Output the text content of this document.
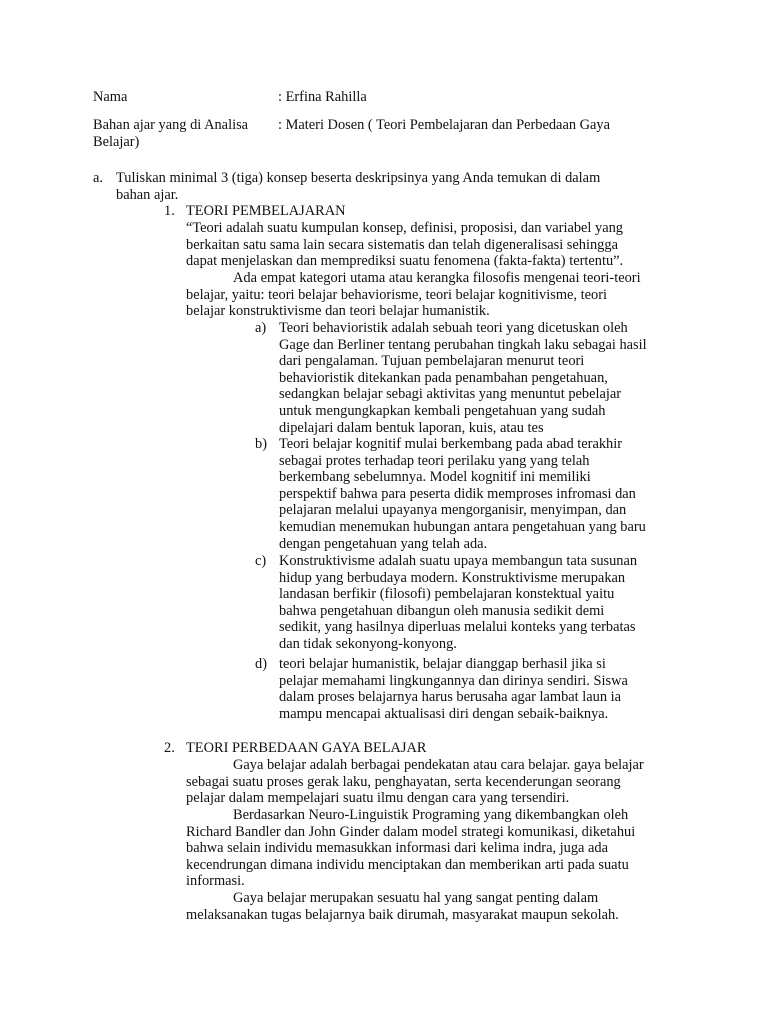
Nama	: Erfina Rahilla
Bahan ajar yang di Analisa
Belajar)
: Materi Dosen ( Teori Pembelajaran dan Perbedaan Gaya
a. Tuliskan minimal 3 (tiga) konsep beserta deskripsinya yang Anda temukan di dalam
bahan ajar.
1. TEORI PEMBELAJARAN
“Teori adalah suatu kumpulan konsep, definisi, proposisi, dan variabel yang
berkaitan satu sama lain secara sistematis dan telah digeneralisasi sehingga
dapat menjelaskan dan memprediksi suatu fenomena (fakta-fakta) tertentu”.
Ada empat kategori utama atau kerangka filosofis mengenai teori-teori
belajar, yaitu: teori belajar behaviorisme, teori belajar kognitivisme, teori
belajar konstruktivisme dan teori belajar humanistik.
a) Teori behavioristik adalah sebuah teori yang dicetuskan oleh
Gage dan Berliner tentang perubahan tingkah laku sebagai hasil
dari pengalaman. Tujuan pembelajaran menurut teori
behavioristik ditekankan pada penambahan pengetahuan,
sedangkan belajar sebagi aktivitas yang menuntut pebelajar
untuk mengungkapkan kembali pengetahuan yang sudah
dipelajari dalam bentuk laporan, kuis, atau tes
b) Teori belajar kognitif mulai berkembang pada abad terakhir
sebagai protes terhadap teori perilaku yang yang telah
berkembang sebelumnya. Model kognitif ini memiliki
perspektif bahwa para peserta didik memproses infromasi dan
pelajaran melalui upayanya mengorganisir, menyimpan, dan
kemudian menemukan hubungan antara pengetahuan yang baru
dengan pengetahuan yang telah ada.
c) Konstruktivisme adalah suatu upaya membangun tata susunan
hidup yang berbudaya modern. Konstruktivisme merupakan
landasan berfikir (filosofi) pembelajaran konstektual yaitu
bahwa pengetahuan dibangun oleh manusia sedikit demi
sedikit, yang hasilnya diperluas melalui konteks yang terbatas
dan tidak sekonyong-konyong.
d) teori belajar humanistik, belajar dianggap berhasil jika si
pelajar memahami lingkungannya dan dirinya sendiri. Siswa
dalam proses belajarnya harus berusaha agar lambat laun ia
mampu mencapai aktualisasi diri dengan sebaik-baiknya.
2. TEORI PERBEDAAN GAYA BELAJAR
Gaya belajar adalah berbagai pendekatan atau cara belajar. gaya belajar
sebagai suatu proses gerak laku, penghayatan, serta kecenderungan seorang
pelajar dalam mempelajari suatu ilmu dengan cara yang tersendiri.
Berdasarkan Neuro-Linguistik Programing yang dikembangkan oleh
Richard Bandler dan John Ginder dalam model strategi komunikasi, diketahui
bahwa selain individu memasukkan informasi dari kelima indra, juga ada
kecendrungan dimana individu menciptakan dan memberikan arti pada suatu
informasi.
Gaya belajar merupakan sesuatu hal yang sangat penting dalam
melaksanakan tugas belajarnya baik dirumah, masyarakat maupun sekolah.
